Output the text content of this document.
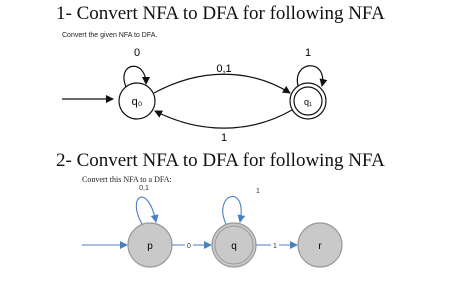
1- Convert NFA to DFA for following NFA
Convert the given NFA to DFA.
2- Convert NFA to DFA for following NFA
Convert this NFA to a DFA:
q₀
0
q₁
1
0,1
1
p
0,1
q
1
r
0	1
